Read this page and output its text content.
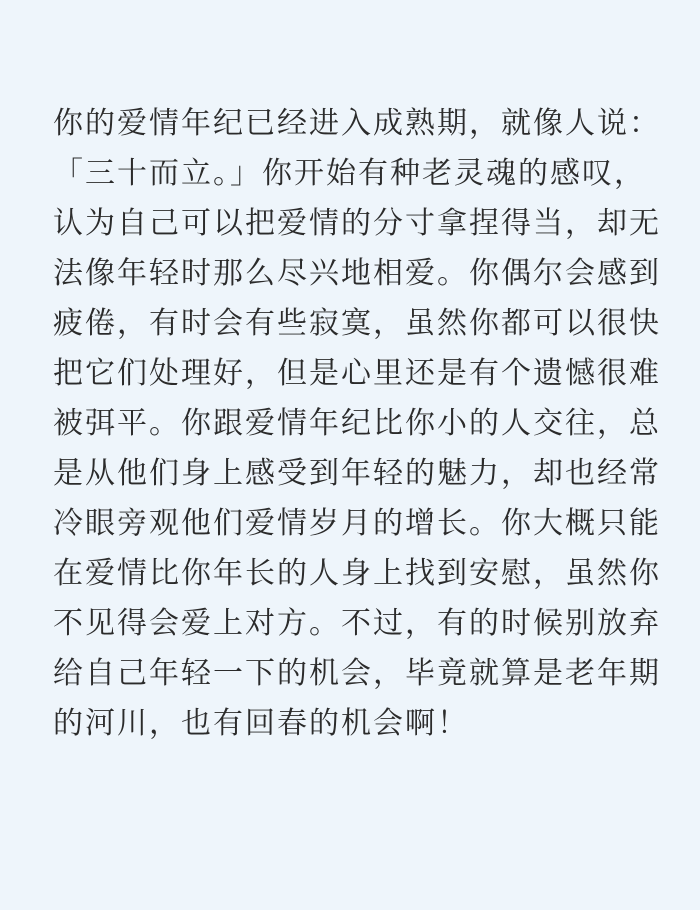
你的爱情年纪已经进入成熟期，就像人说：
「三十而立。」你开始有种老灵魂的感叹，
认为自己可以把爱情的分寸拿捏得当，却无
法像年轻时那么尽兴地相爱。你偶尔会感到
疲倦，有时会有些寂寞，虽然你都可以很快
把它们处理好，但是心里还是有个遗憾很难
被弭平。你跟爱情年纪比你小的人交往，总
是从他们身上感受到年轻的魅力，却也经常
冷眼旁观他们爱情岁月的增长。你大概只能
在爱情比你年长的人身上找到安慰，虽然你
不见得会爱上对方。不过，有的时候别放弃
给自己年轻一下的机会，毕竟就算是老年期
的河川，也有回春的机会啊！
